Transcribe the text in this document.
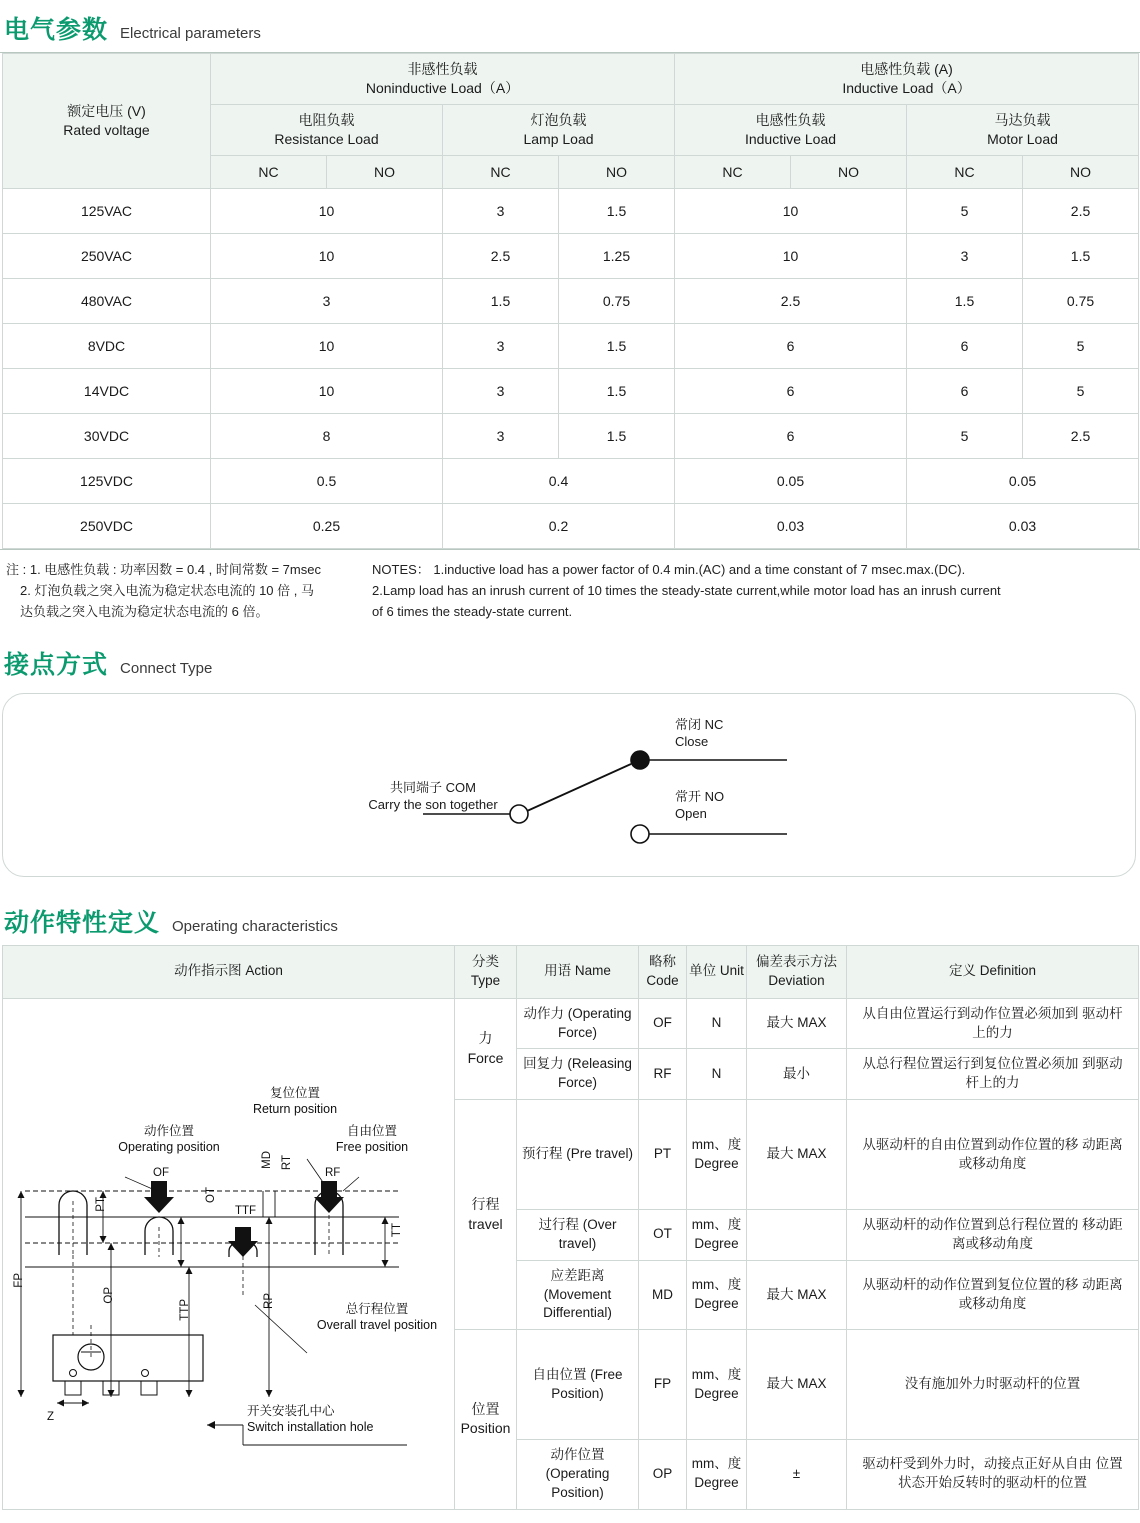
电气参数 Electrical parameters
额定电压 (V)
Rated voltage	非感性负载
Noninductive Load（A）				电感性负载 (A)
Inductive Load（A）			

	电阻负载
Resistance Load		灯泡负载
Lamp Load		电感性负载
Inductive Load		马达负载
Motor Load	

	NC	NO	NC	NO	NC	NO	NC	NO
125VAC	10		3	1.5	10		5	2.5
250VAC	10		2.5	1.25	10		3	1.5
480VAC	3		1.5	0.75	2.5		1.5	0.75
8VDC	10		3	1.5	6		6	5
14VDC	10		3	1.5	6		6	5
30VDC	8		3	1.5	6		5	2.5
125VDC	0.5		0.4		0.05		0.05	
250VDC	0.25		0.2		0.03		0.03	
注 : 1. 电感性负载 : 功率因数 = 0.4 , 时间常数 = 7msec
2. 灯泡负载之突入电流为稳定状态电流的 10 倍 , 马
达负载之突入电流为稳定状态电流的 6 倍。
NOTES： 1.inductive load has a power factor of 0.4 min.(AC) and a time constant of 7 msec.max.(DC).
2.Lamp load has an inrush current of 10 times the steady-state current,while motor load has an inrush current
of 6 times the steady-state current.
接点方式 Connect Type
共同端子 COM
Carry the son together
常闭 NC
Close
常开 NO
Open
动作特性定义 Operating characteristics
动作指示图 Action	分类 Type	用语 Name	略称 Code	单位 Unit	偏差表示方法 Deviation	定义 Definition

动作位置
Operating position
复位位置
Return position
自由位置
Free position
总行程位置
Overall travel position
开关安装孔中心
Switch installation hole
OF
MD RT
RF
PT
OT
TTF
TT
FP
OP
TTP	RP
Z
	力 Force	动作力 (Operating Force)	OF	N	最大 MAX	从自由位置运行到动作位置必须加到 驱动杆上的力
		回复力 (Releasing Force)	RF	N	最小	从总行程位置运行到复位位置必须加 到驱动杆上的力
	行程 travel	预行程 (Pre travel)	PT	mm、度 Degree	最大 MAX	从驱动杆的自由位置到动作位置的移 动距离或移动角度
		过行程 (Over travel)	OT	mm、度 Degree		从驱动杆的动作位置到总行程位置的 移动距离或移动角度
		应差距离 (Movement Differential)	MD	mm、度 Degree	最大 MAX	从驱动杆的动作位置到复位位置的移 动距离或移动角度
	位置 Position	自由位置 (Free Position)	FP	mm、度 Degree	最大 MAX	没有施加外力时驱动杆的位置
		动作位置 (Operating Position)	OP	mm、度 Degree	±	驱动杆受到外力时，动接点正好从自由 位置状态开始反转时的驱动杆的位置
